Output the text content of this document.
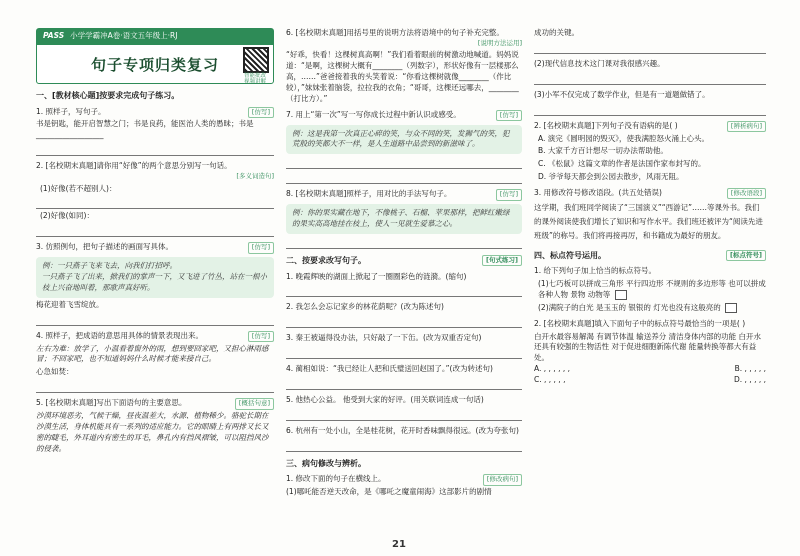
PASS 小学学霸冲A卷·语文五年级上·RJ
句子专项归类复习
智能批改 视频讲解
一、[教材核心题]按要求完成句子练习。
[仿写]
1. 照样子，写句子。
书是钥匙，能开启智慧之门；书是良药，能医治人类的愚昧；书是__________________
2. [名校期末真题]请你用“好像”的两个意思分别写一句话。
[多义词造句]
(1)好像(若不超别人)：
(2)好像(如同)：
[仿写]
3. 仿照例句，把句子描述的画面写具体。
例：一只燕子飞来飞去，向我们打招呼。
一只燕子飞了出来，掀我们的掌声一下，又飞进了竹丛，站在一根小枝上兴奋地叫着，那歌声真好听。
梅花迎着飞雪绽放。
[仿写]
4. 照样子，把成语的意思用具体的情景表现出来。
左右为难：放学了，小温看着窗外的雨，想到要回家吧，又担心淋雨感冒；不回家吧，也不知道妈妈什么时候才能来接自己。
心急如焚：
[概括句意]
5. [名校期末真题]写出下面语句的主要意思。
沙漠环境恶劣，气候干燥，昼夜温差大，水源、植物稀少。骆驼长期在沙漠生活，身体机能具有一系列的适应能力。它的眼睛上有两排又长又密的睫毛，外耳道内有密生的耳毛，鼻孔内有挡风褶皱，可以阻挡风沙的侵袭。
6. [名校期末真题]用括号里的说明方法将语境中的句子补充完整。
[说明方法运用]
“好乖，快看！这棵树真高啊！”我们看着眼前的树激动地喊道。妈妈说道：“是啊，这棵树大概有________（列数字），形状好像有一层楼那么高，……”爸爸接着我的头笑着说：“你看这棵树就像________（作比较），”妹妹张着脑袋，拉拉我的衣角；“哥哥，这棵还远哪去，________（打比方）。”
[仿写]
7. 用上“第一次”写一写你成长过程中新认识或感受。
例：这是我第一次真正心碎的笑，与众不同的笑，发狮气的笑，犯荒般的笑都大不一样，是人生道路中品尝到的新滋味了。
[仿写]
8. [名校期末真题]照样子，用对比的手法写句子。
例：你的果实藏在地下，不像桃子、石榴、苹果那样，把鲜红嫩绿的果实高高地挂在枝上，使人一见就生爱慕之心。
[句式练习]
二、按要求改写句子。
1. 晚霞辉映的湖面上掀起了一圈圈彩色的涟漪。(缩句)
2. 我怎么会忘记家乡的林花荫呢？(改为陈述句)
3. 秦王被逼得没办法，只好敲了一下缶。(改为双重否定句)
4. 蔺相如说：“我已经让人把和氏璧送回赵国了。”(改为转述句)
5. 他热心公益。 他受到大家的好评。(用关联词连成一句话)
6. 杭州有一处小山，全是桂花树，花开时香味飘得很远。(改为夸张句)
三、病句修改与辨析。
[修改病句]
1. 修改下面的句子在横线上。
(1)哪吒能否逆天改命，是《哪吒之魔童闹海》这部影片的剧情
成功的关键。
(2)现代信息技术这门课对我很感兴趣。
(3)小军不仅完成了数学作业，但是有一道题做错了。
[辨析病句]
2. [名校期末真题]下列句子没有语病的是( )
A. 演完《圆明园的毁灭》，使我满腔怒火涌上心头。
B. 大家千方百计想尽一切办法帮助他。
C. 《松鼠》这篇文章的作者是法国作家布封写的。
D. 爷爷每天都会到公园去散步，风雨无阻。
[修改语段]
3. 用修改符号修改语段。(共五处错误)
这学期，我们班同学阅读了“三国演义”“西游记”……等课外书。我们的课外阅读使我们增长了知识和写作水平。我们班还被评为“阅读先进班级”的称号。我们将再接再厉，和书籍成为最好的朋友。
[标点符号]
四、标点符号运用。
1. 给下列句子加上恰当的标点符号。
(1)七巧板可以拼成三角形 平行四边形 不规则的多边形等 也可以拼成各种人物 景物 动物等
(2)满院子的白光 是玉玉的 银银的 灯光也没有这般亮的
2. [名校期末真题]填入下面句子中的标点符号最恰当的一项是( )
白开水最容易解渴 有调节体温 输送养分 清洁身体内部的功能 白开水还具有较强的生物活性 对于促进细胞新陈代谢 能量转换等都大有益处。
A. , , , , , ,	B. , , , , ,
C. , , , , ,	D. , , , , ,
21
